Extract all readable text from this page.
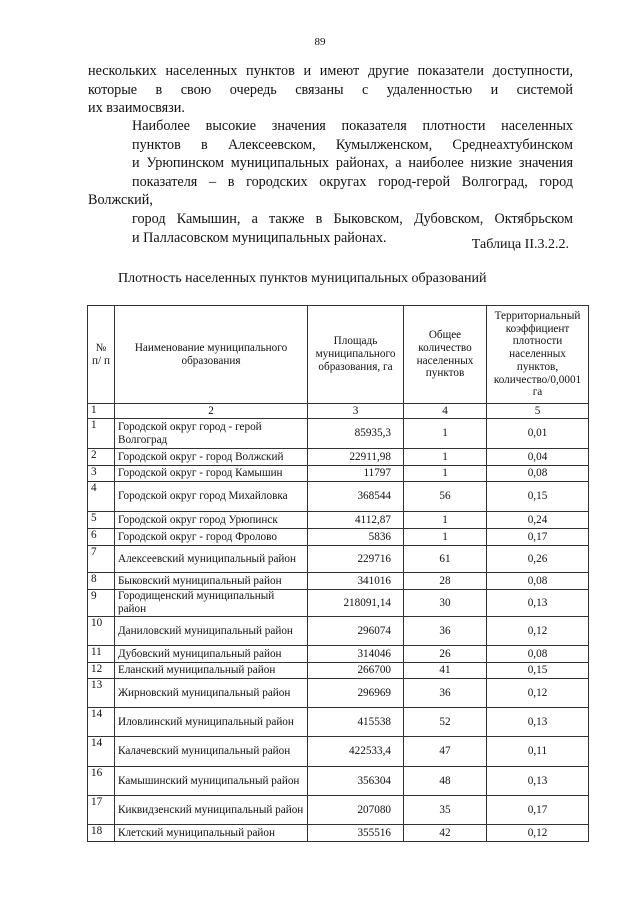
89

нескольких населенных пунктов и имеют другие показатели доступности,
которые в свою очередь связаны с удаленностью и системой
их взаимосвязи.

Наиболее высокие значения показателя плотности населенных
пунктов в Алексеевском, Кумылженском, Среднеахтубинском
и Урюпинском муниципальных районах, а наиболее низкие значения
показателя – в городских округах город-герой Волгоград, город Волжский,
город Камышин, а также в Быковском, Дубовском, Октябрьском
и Палласовском муниципальных районах.	Таблица II.3.2.2.
Плотность населенных пунктов муниципальных образований
№ п/ п	Наименование муниципального образования	Площадь муниципального образования, га	Общее количество населенных пунктов	Территориальный коэффициент плотности населенных пунктов, количество/0,0001 га
1	2	3	4	5
1	Городской округ город - герой Волгоград	85935,3	1	0,01
2	Городской округ - город Волжский	22911,98	1	0,04
3	Городской округ - город Камышин	11797	1	0,08
4	Городской округ город Михайловка	368544	56	0,15
5	Городской округ город Урюпинск	4112,87	1	0,24
6	Городской округ - город Фролово	5836	1	0,17
7	Алексеевский муниципальный район	229716	61	0,26
8	Быковский муниципальный район	341016	28	0,08
9	Городищенский муниципальный район	218091,14	30	0,13
10	Даниловский муниципальный район	296074	36	0,12
11	Дубовский муниципальный район	314046	26	0,08
12	Еланский муниципальный район	266700	41	0,15
13	Жирновский муниципальный район	296969	36	0,12
14	Иловлинский муниципальный район	415538	52	0,13
14	Калачевский муниципальный район	422533,4	47	0,11
16	Камышинский муниципальный район	356304	48	0,13
17	Киквидзенский муниципальный район	207080	35	0,17
18	Клетский муниципальный район	355516	42	0,12
